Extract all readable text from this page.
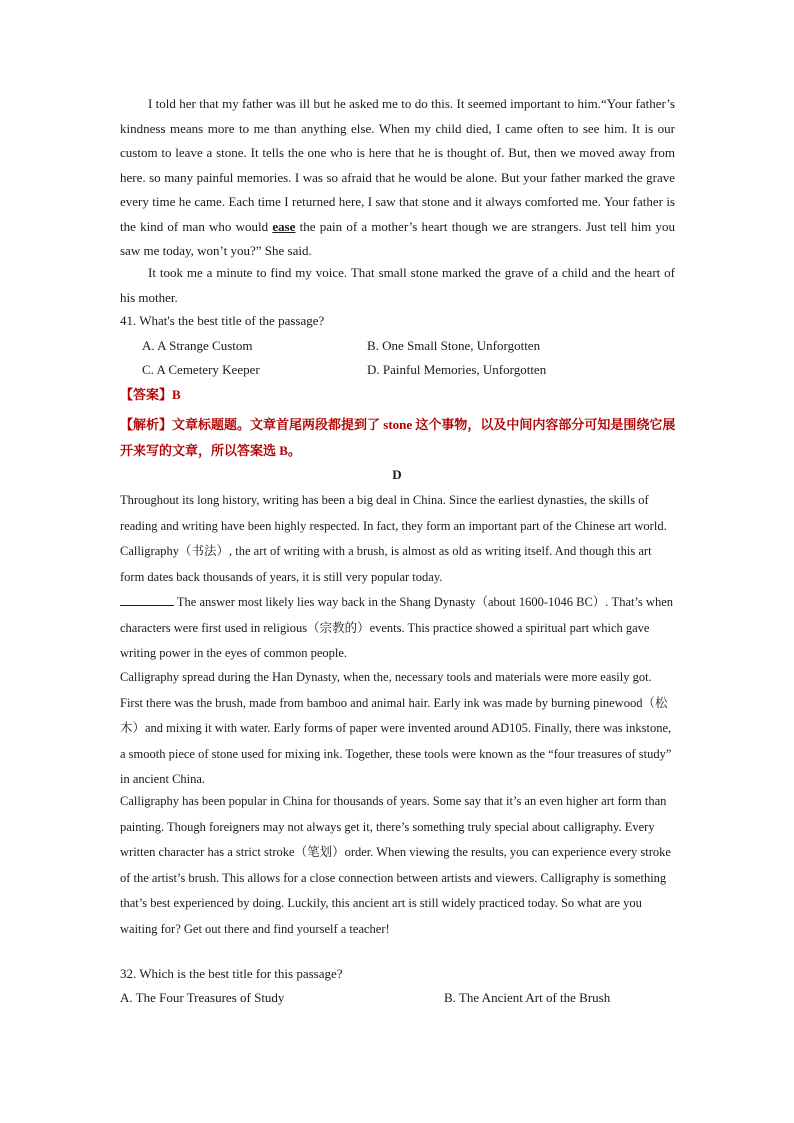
I told her that my father was ill but he asked me to do this. It seemed important to him.“Your father’s kindness means more to me than anything else. When my child died, I came often to see him. It is our custom to leave a stone. It tells the one who is here that he is thought of. But, then we moved away from here. so many painful memories. I was so afraid that he would be alone. But your father marked the grave every time he came. Each time I returned here, I saw that stone and it always comforted me. Your father is the kind of man who would ease the pain of a mother’s heart though we are strangers. Just tell him you saw me today, won’t you?” She said.

It took me a minute to find my voice. That small stone marked the grave of a child and the heart of his mother.

41. What's the best title of the passage?
A. A Strange Custom	B. One Small Stone, Unforgotten
C. A Cemetery Keeper	D. Painful Memories, Unforgotten
【答案】B
【解析】文章标题题。文章首尾两段都提到了 stone 这个事物，以及中间内容部分可知是围绕它展开来写的文章，所以答案选 B。
D

Throughout its long history, writing has been a big deal in China. Since the earliest dynasties, the skills of reading and writing have been highly respected. In fact, they form an important part of the Chinese art world. Calligraphy（书法）, the art of writing with a brush, is almost as old as writing itself. And though this art form dates back thousands of years, it is still very popular today.
The answer most likely lies way back in the Shang Dynasty（about 1600-1046 BC）. That’s when characters were first used in religious（宗教的）events. This practice showed a spiritual part which gave writing power in the eyes of common people.

Calligraphy spread during the Han Dynasty, when the, necessary tools and materials were more easily got. First there was the brush, made from bamboo and animal hair. Early ink was made by burning pinewood（松木）and mixing it with water. Early forms of paper were invented around AD105. Finally, there was inkstone, a smooth piece of stone used for mixing ink. Together, these tools were known as the “four treasures of study” in ancient China.

Calligraphy has been popular in China for thousands of years. Some say that it’s an even higher art form than painting. Though foreigners may not always get it, there’s something truly special about calligraphy. Every written character has a strict stroke（笔划）order. When viewing the results, you can experience every stroke of the artist’s brush. This allows for a close connection between artists and viewers. Calligraphy is something that’s best experienced by doing. Luckily, this ancient art is still widely practiced today. So what are you waiting for? Get out there and find yourself a teacher!

32. Which is the best title for this passage?
A. The Four Treasures of Study	B. The Ancient Art of the Brush
